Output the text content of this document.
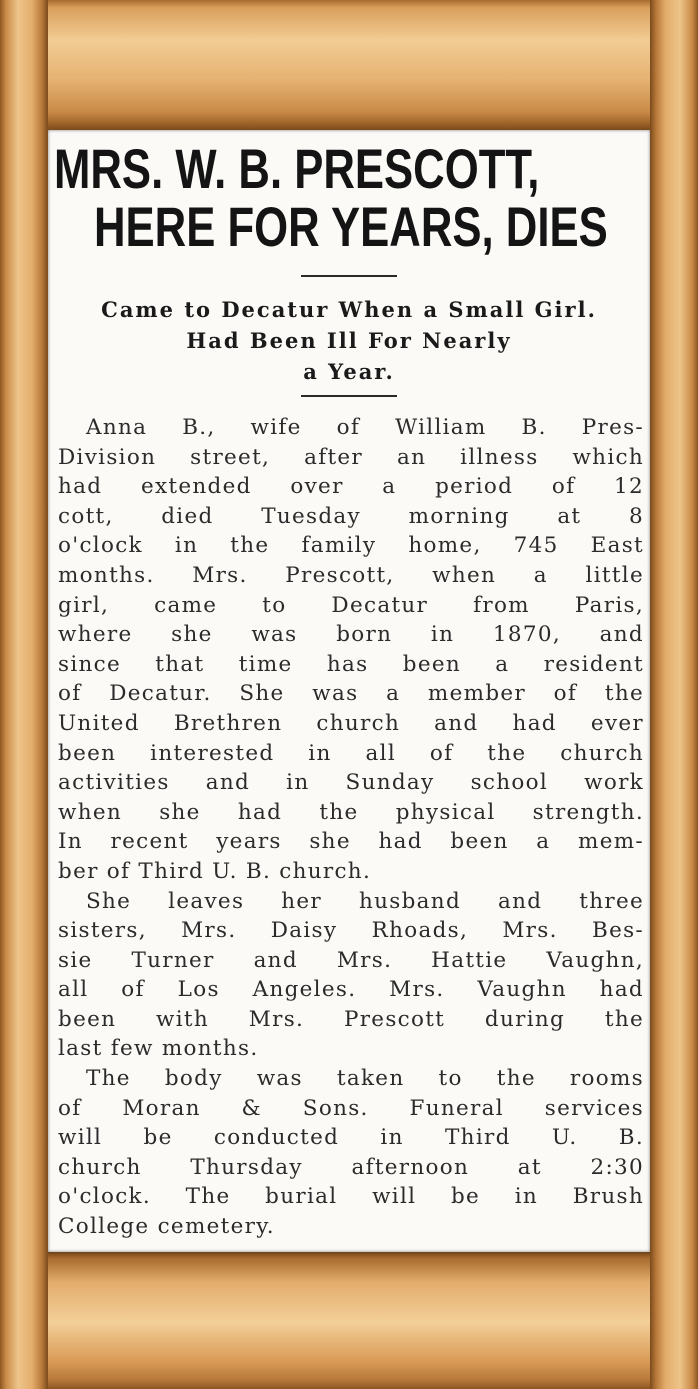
MRS. W. B. PRESCOTT,
HERE FOR YEARS, DIES
Came to Decatur When a Small Girl.
Had Been Ill For Nearly
a Year.
Anna B., wife of William B. Pres-
Division street, after an illness which
had extended over a period of 12
cott, died Tuesday morning at 8
o'clock in the family home, 745 East
months. Mrs. Prescott, when a little
girl, came to Decatur from Paris,
where she was born in 1870, and
since that time has been a resident
of Decatur. She was a member of the
United Brethren church and had ever
been interested in all of the church
activities and in Sunday school work
when she had the physical strength.
In recent years she had been a mem-
ber of Third U. B. church.
She leaves her husband and three
sisters, Mrs. Daisy Rhoads, Mrs. Bes-
sie Turner and Mrs. Hattie Vaughn,
all of Los Angeles. Mrs. Vaughn had
been with Mrs. Prescott during the
last few months.
The body was taken to the rooms
of Moran & Sons. Funeral services
will be conducted in Third U. B.
church Thursday afternoon at 2:30
o'clock. The burial will be in Brush
College cemetery.
